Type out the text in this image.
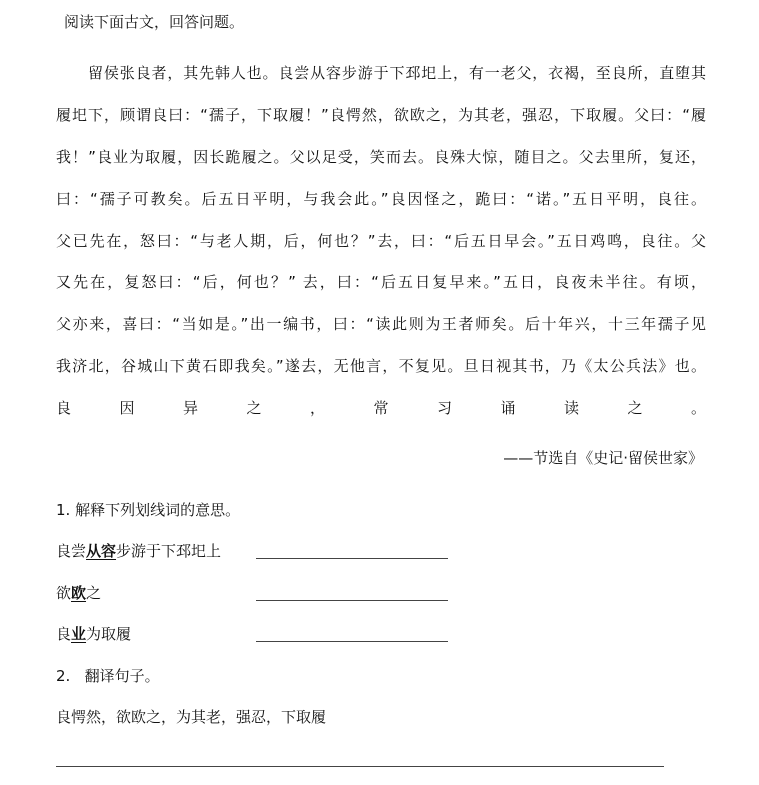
阅读下面古文，回答问题。
留侯张良者，其先韩人也。良尝从容步游于下邳圯上，有一老父，衣褐，至良所，直堕其
履圯下，顾谓良曰：“孺子，下取履！”良愕然，欲欧之，为其老，强忍，下取履。父曰：“履
我！”良业为取履，因长跪履之。父以足受，笑而去。良殊大惊，随目之。父去里所，复还，
曰：“孺子可教矣。后五日平明，与我会此。”良因怪之，跪曰：“诺。”五日平明，良往。
父已先在，怒曰：“与老人期，后，何也？”去，曰：“后五日早会。”五日鸡鸣，良往。父
又先在，复怒曰：“后，何也？” 去，曰：“后五日复早来。”五日，良夜未半往。有顷，
父亦来，喜曰：“当如是。”出一编书，曰：“读此则为王者师矣。后十年兴，十三年孺子见
我济北，谷城山下黄石即我矣。”遂去，无他言，不复见。旦日视其书，乃《太公兵法》也。
良因异之，常习诵读之。
——节选自《史记·留侯世家》
1. 解释下列划线词的意思。
良尝从容步游于下邳圯上
欲欧之
良业为取履
2.   翻译句子。
良愕然，欲欧之，为其老，强忍，下取履
